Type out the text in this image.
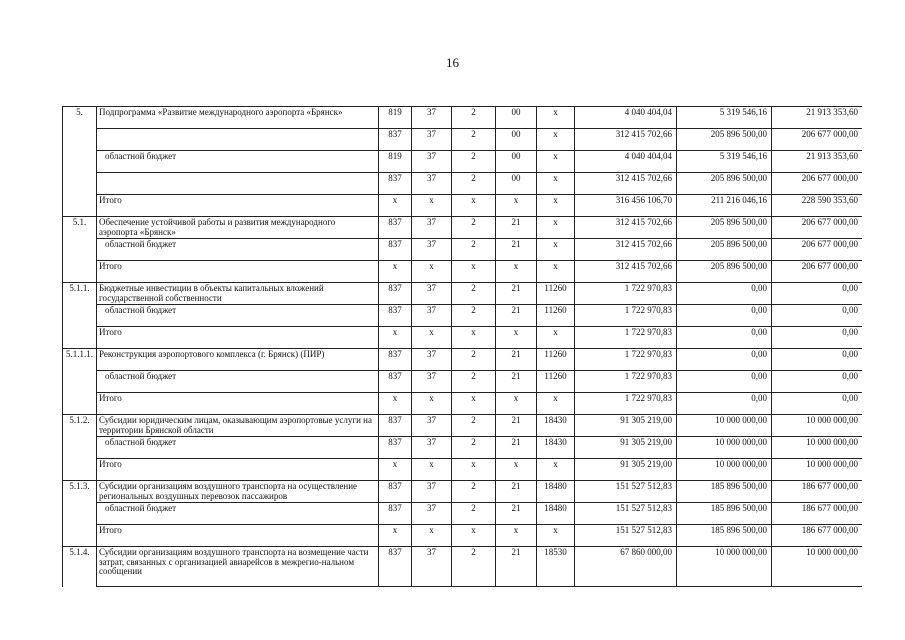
16
5.	Подпрограмма «Развитие международного аэропорта «Брянск»	819	37	2	00	х	4 040 404,04	5 319 546,16	21 913 353,60
		837	37	2	00	х	312 415 702,66	205 896 500,00	206 677 000,00
	областной бюджет	819	37	2	00	х	4 040 404,04	5 319 546,16	21 913 353,60
		837	37	2	00	х	312 415 702,66	205 896 500,00	206 677 000,00
	Итого	х	х	х	х	х	316 456 106,70	211 216 046,16	228 590 353,60
5.1.	Обеспечение устойчивой работы и развития международного аэропорта «Брянск»	837	37	2	21	х	312 415 702,66	205 896 500,00	206 677 000,00
	областной бюджет	837	37	2	21	х	312 415 702,66	205 896 500,00	206 677 000,00
	Итого	х	х	х	х	х	312 415 702,66	205 896 500,00	206 677 000,00
5.1.1.	Бюджетные инвестиции в объекты капитальных вложений государственной собственности	837	37	2	21	11260	1 722 970,83	0,00	0,00
	областной бюджет	837	37	2	21	11260	1 722 970,83	0,00	0,00
	Итого	х	х	х	х	х	1 722 970,83	0,00	0,00
5.1.1.1.	Реконструкция аэропортового комплекса (г. Брянск) (ПИР)	837	37	2	21	11260	1 722 970,83	0,00	0,00
	областной бюджет	837	37	2	21	11260	1 722 970,83	0,00	0,00
	Итого	х	х	х	х	х	1 722 970,83	0,00	0,00
5.1.2.	Субсидии юридическим лицам, оказывающим аэропортовые услуги на территории Брянской области	837	37	2	21	18430	91 305 219,00	10 000 000,00	10 000 000,00
	областной бюджет	837	37	2	21	18430	91 305 219,00	10 000 000,00	10 000 000,00
	Итого	х	х	х	х	х	91 305 219,00	10 000 000,00	10 000 000,00
5.1.3.	Субсидии организациям воздушного транспорта на осуществление региональных воздушных перевозок пассажиров	837	37	2	21	18480	151 527 512,83	185 896 500,00	186 677 000,00
	областной бюджет	837	37	2	21	18480	151 527 512,83	185 896 500,00	186 677 000,00
	Итого	х	х	х	х	х	151 527 512,83	185 896 500,00	186 677 000,00
5.1.4.	Субсидии организациям воздушного транспорта на возмещение части затрат, связанных с организацией авиарейсов в межрегио-нальном сообщении	837	37	2	21	18530	67 860 000,00	10 000 000,00	10 000 000,00
